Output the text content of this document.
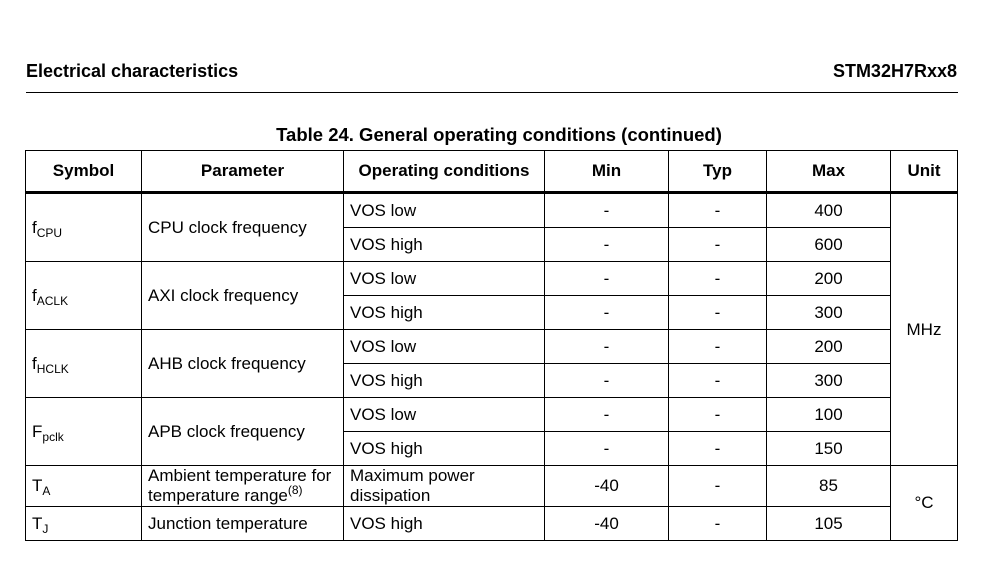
Electrical characteristics	STM32H7Rxx8
Table 24. General operating conditions (continued)
Symbol	Parameter	Operating conditions	Min	Typ	Max	Unit
$f_{CPU}$	CPU clock frequency	VOS low	-	-	400	MHz
		VOS high	-	-	600	
$f_{ACLK}$	AXI clock frequency	VOS low	-	-	200	
		VOS high	-	-	300	
$f_{HCLK}$	AHB clock frequency	VOS low	-	-	200	
		VOS high	-	-	300	
$F_{pclk}$	APB clock frequency	VOS low	-	-	100	
		VOS high	-	-	150	
$T_A$	Ambient temperature for temperature range$^{(8)}$	Maximum power dissipation	-40	-	85	°C
$T_J$	Junction temperature	VOS high	-40	-	105	
